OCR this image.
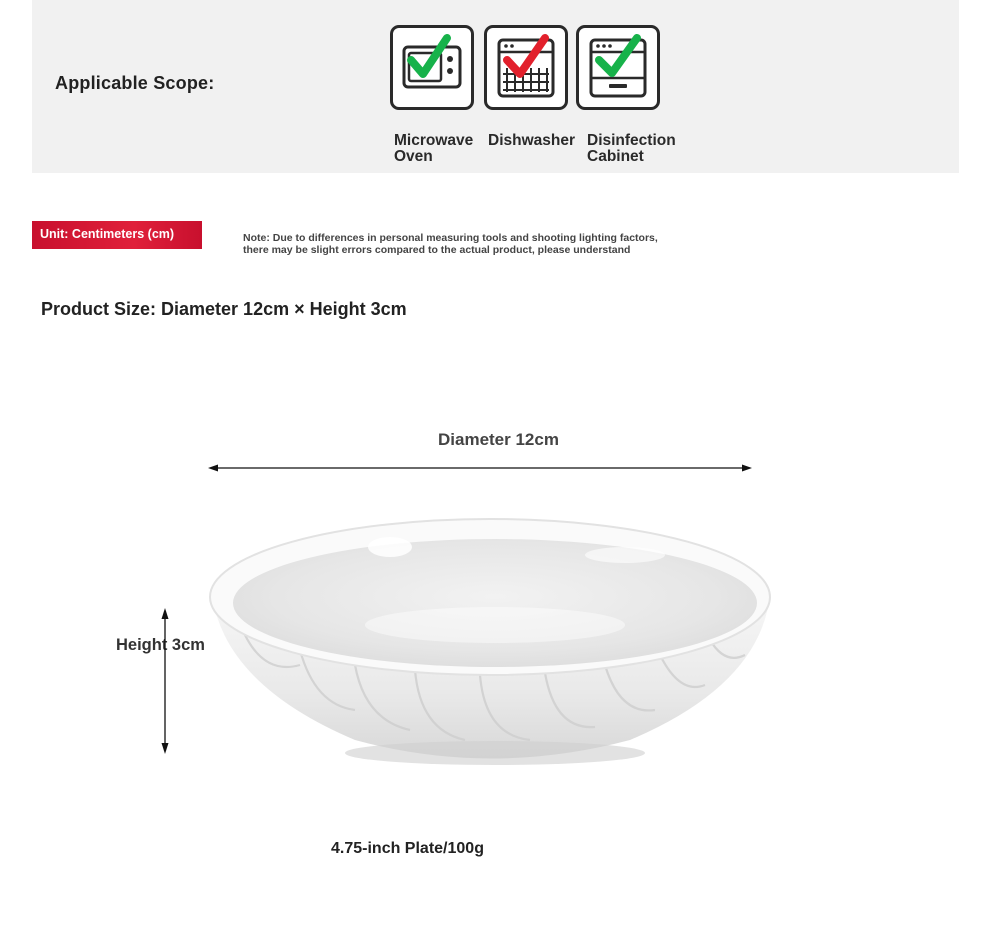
Applicable Scope:
Microwave
Oven
Dishwasher Disinfection
Cabinet
Unit: Centimeters (cm)	Note: Due to differences in personal measuring tools and shooting lighting factors,
there may be slight errors compared to the actual product, please understand
Product Size: Diameter 12cm × Height 3cm
Diameter 12cm
Height 3cm
4.75-inch Plate/100g
